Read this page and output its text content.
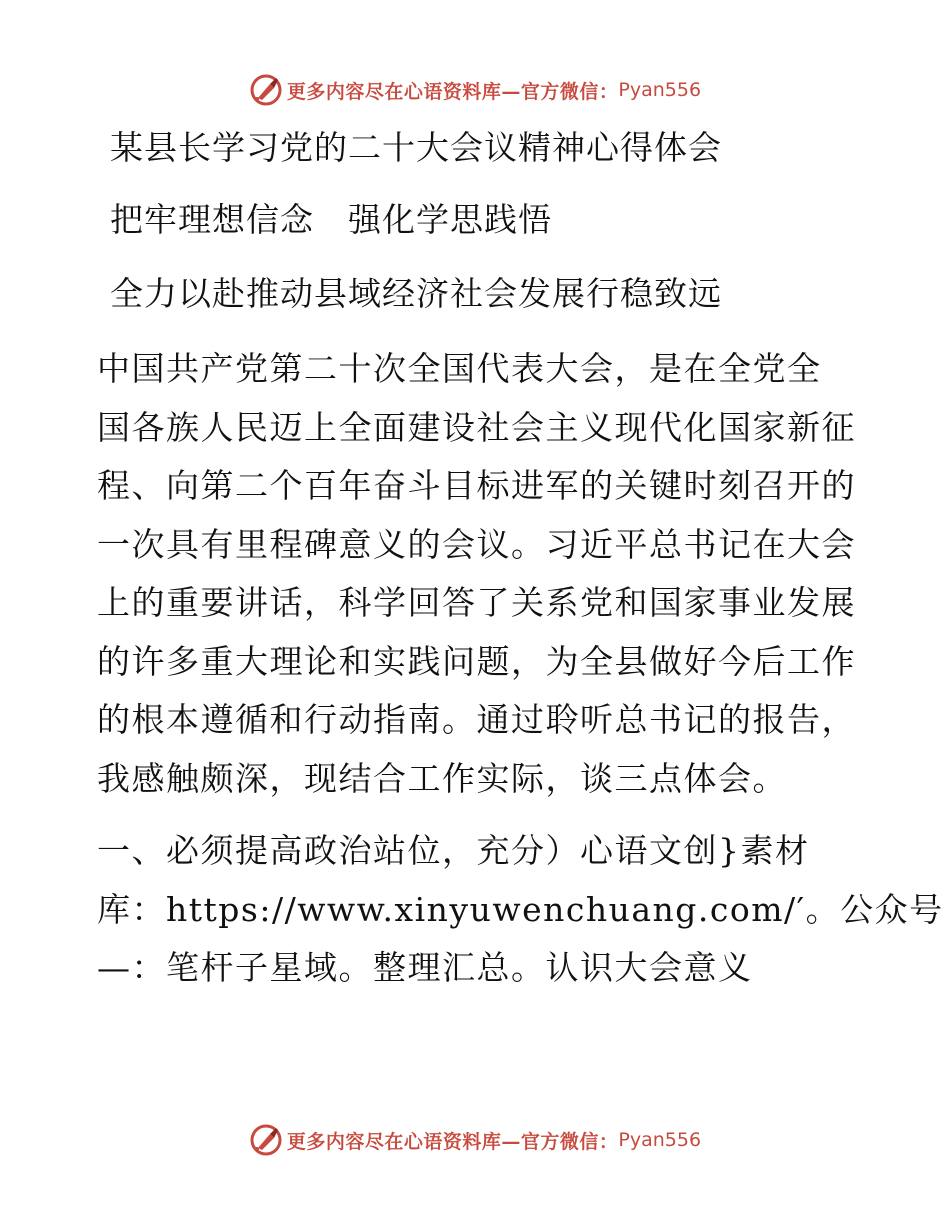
更多内容尽在心语资料库—官方微信： Pyan556
某县长学习党的二十大会议精神心得体会
把牢理想信念　强化学思践悟
全力以赴推动县域经济社会发展行稳致远
中国共产党第二十次全国代表大会，是在全党全
国各族人民迈上全面建设社会主义现代化国家新征
程、向第二个百年奋斗目标进军的关键时刻召开的
一次具有里程碑意义的会议。习近平总书记在大会
上的重要讲话，科学回答了关系党和国家事业发展
的许多重大理论和实践问题，为全县做好今后工作
的根本遵循和行动指南。通过聆听总书记的报告，
我感触颇深，现结合工作实际，谈三点体会。
一、必须提高政治站位，充分）心语文创}素材
库：https://www.xinyuwenchuang.com/′。公众号
—：笔杆子星域。整理汇总。认识大会意义
更多内容尽在心语资料库—官方微信： Pyan556
